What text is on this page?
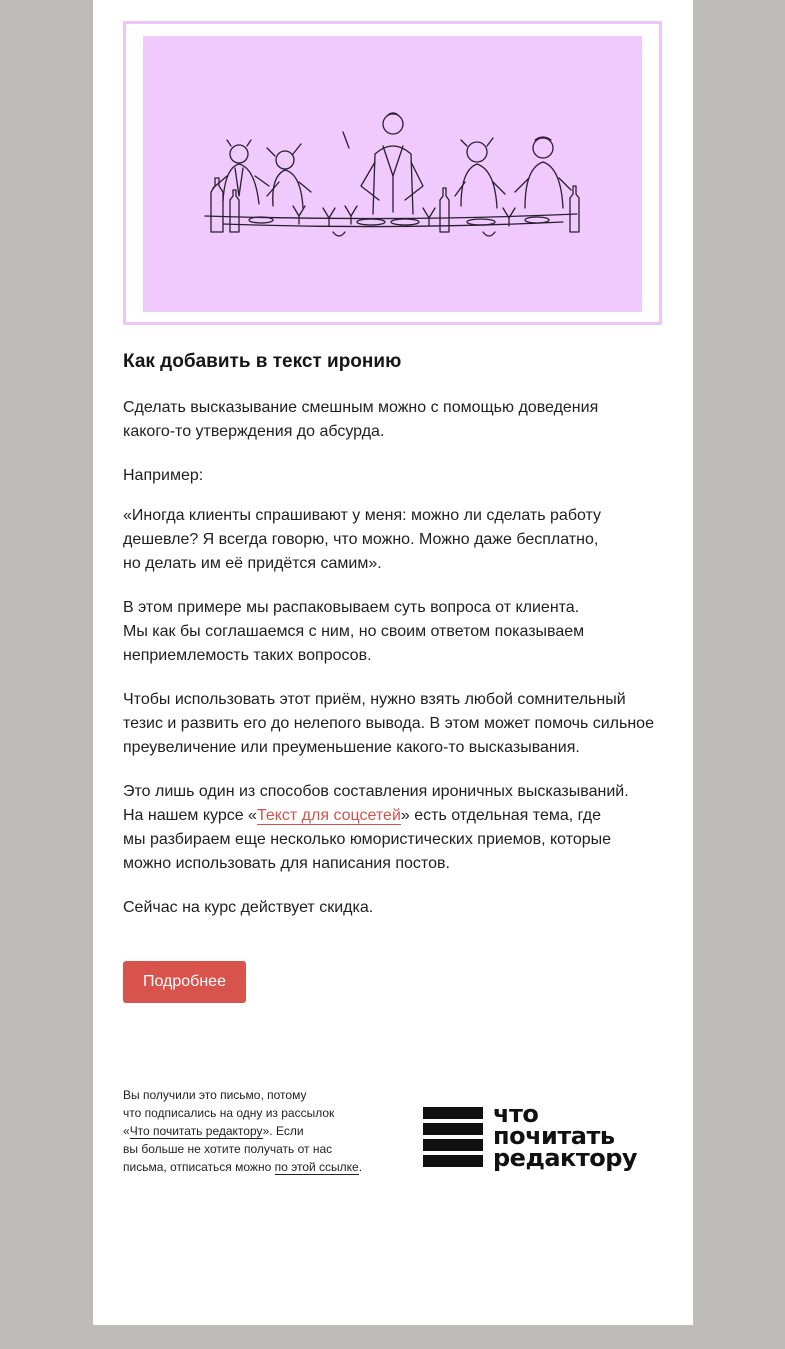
Как добавить в текст иронию

Сделать высказывание смешным можно с помощью доведения
какого-то утверждения до абсурда.

Например:

«Иногда клиенты спрашивают у меня: можно ли сделать работу
дешевле? Я всегда говорю, что можно. Можно даже бесплатно,
но делать им её придётся самим».

В этом примере мы распаковываем суть вопроса от клиента.
Мы как бы соглашаемся с ним, но своим ответом показываем
неприемлемость таких вопросов.

Чтобы использовать этот приём, нужно взять любой сомнительный
тезис и развить его до нелепого вывода. В этом может помочь сильное
преувеличение или преуменьшение какого-то высказывания.

Это лишь один из способов составления ироничных высказываний.
На нашем курсе «Текст для соцсетей» есть отдельная тема, где
мы разбираем еще несколько юмористических приемов, которые
можно использовать для написания постов.

Сейчас на курс действует скидка.

Подробнее
Вы получили это письмо, потому
что подписались на одну из рассылок
«Что почитать редактору». Если
вы больше не хотите получать от нас
письма, отписаться можно по этой ссылке.
что
почитать
редактору
